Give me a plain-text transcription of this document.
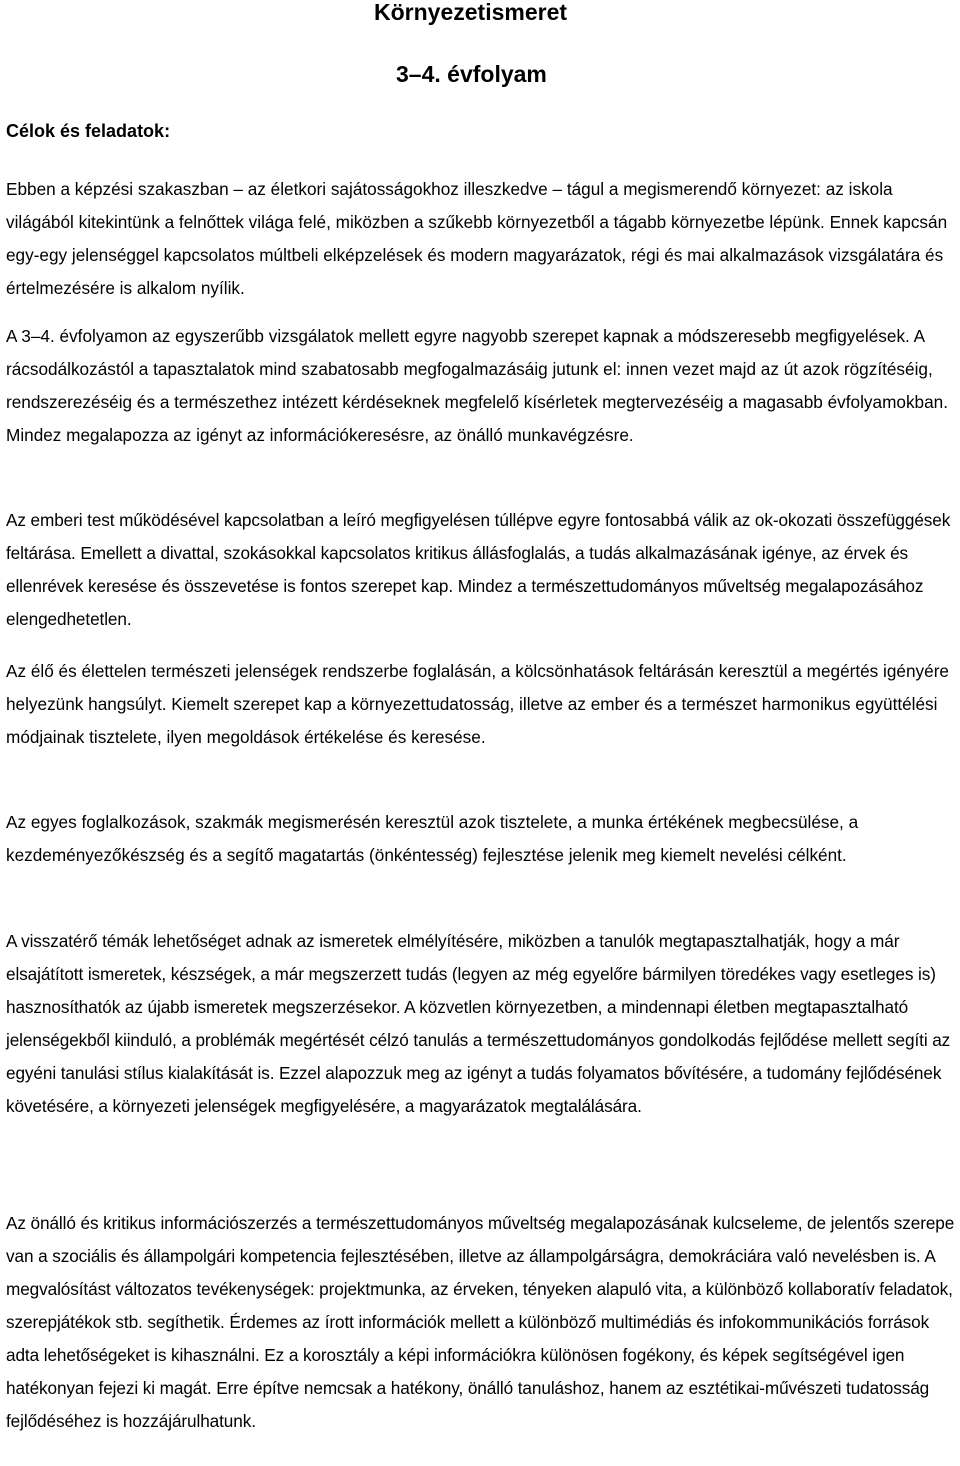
Környezetismeret
3–4. évfolyam
Célok és feladatok:

Ebben a képzési szakaszban – az életkori sajátosságokhoz illeszkedve – tágul a megismerendő környezet: az iskola világából kitekintünk a felnőttek világa felé, miközben a szűkebb környezetből a tágabb környezetbe lépünk. Ennek kapcsán egy-egy jelenséggel kapcsolatos múltbeli elképzelések és modern magyarázatok, régi és mai alkalmazások vizsgálatára és értelmezésére is alkalom nyílik.

A 3–4. évfolyamon az egyszerűbb vizsgálatok mellett egyre nagyobb szerepet kapnak a módszeresebb megfigyelések. A rácsodálkozástól a tapasztalatok mind szabatosabb megfogalmazásáig jutunk el: innen vezet majd az út azok rögzítéséig, rendszerezéséig és a természethez intézett kérdéseknek megfelelő kísérletek megtervezéséig a magasabb évfolyamokban. Mindez megalapozza az igényt az információkeresésre, az önálló munkavégzésre.

Az emberi test működésével kapcsolatban a leíró megfigyelésen túllépve egyre fontosabbá válik az ok-okozati összefüggések feltárása. Emellett a divattal, szokásokkal kapcsolatos kritikus állásfoglalás, a tudás alkalmazásának igénye, az érvek és ellenrévek keresése és összevetése is fontos szerepet kap. Mindez a természettudományos műveltség megalapozásához elengedhetetlen.

Az élő és élettelen természeti jelenségek rendszerbe foglalásán, a kölcsönhatások feltárásán keresztül a megértés igényére helyezünk hangsúlyt. Kiemelt szerepet kap a környezettudatosság, illetve az ember és a természet harmonikus együttélési módjainak tisztelete, ilyen megoldások értékelése és keresése.

Az egyes foglalkozások, szakmák megismerésén keresztül azok tisztelete, a munka értékének megbecsülése, a kezdeményezőkészség és a segítő magatartás (önkéntesség) fejlesztése jelenik meg kiemelt nevelési célként.

A visszatérő témák lehetőséget adnak az ismeretek elmélyítésére, miközben a tanulók megtapasztalhatják, hogy a már elsajátított ismeretek, készségek, a már megszerzett tudás (legyen az még egyelőre bármilyen töredékes vagy esetleges is) hasznosíthatók az újabb ismeretek megszerzésekor. A közvetlen környezetben, a mindennapi életben megtapasztalható jelenségekből kiinduló, a problémák megértését célzó tanulás a természettudományos gondolkodás fejlődése mellett segíti az egyéni tanulási stílus kialakítását is. Ezzel alapozzuk meg az igényt a tudás folyamatos bővítésére, a tudomány fejlődésének követésére, a környezeti jelenségek megfigyelésére, a magyarázatok megtalálására.

Az önálló és kritikus információszerzés a természettudományos műveltség megalapozásának kulcseleme, de jelentős szerepe van a szociális és állampolgári kompetencia fejlesztésében, illetve az állampolgárságra, demokráciára való nevelésben is. A megvalósítást változatos tevékenységek: projektmunka, az érveken, tényeken alapuló vita, a különböző kollaboratív feladatok, szerepjátékok stb. segíthetik. Érdemes az írott információk mellett a különböző multimédiás és infokommunikációs források adta lehetőségeket is kihasználni. Ez a korosztály a képi információkra különösen fogékony, és képek segítségével igen hatékonyan fejezi ki magát. Erre építve nemcsak a hatékony, önálló tanuláshoz, hanem az esztétikai-művészeti tudatosság fejlődéséhez is hozzájárulhatunk.
